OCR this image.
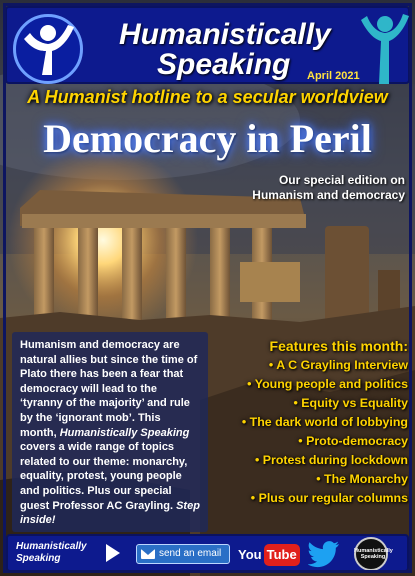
Humanistically
Speaking April 2021
A Humanist hotline to a secular worldview
Democracy in Peril
Our special edition on Humanism and democracy
Humanism and democracy are natural allies but since the time of Plato there has been a fear that democracy will lead to the ‘tyranny of the majority’ and rule by the ‘ignorant mob’. This month, Humanistically Speaking covers a wide range of topics related to our theme: monarchy, equality, protest, young people and politics. Plus our special guest Professor AC Grayling. Step inside!
Features this month:
• A C Grayling Interview
• Young people and politics
• Equity vs Equality
• The dark world of lobbying
• Proto-democracy
• Protest during lockdown
• The Monarchy
• Plus our regular columns
Humanistically
Speaking	send an email	You Tube	Humanistically
Speaking
